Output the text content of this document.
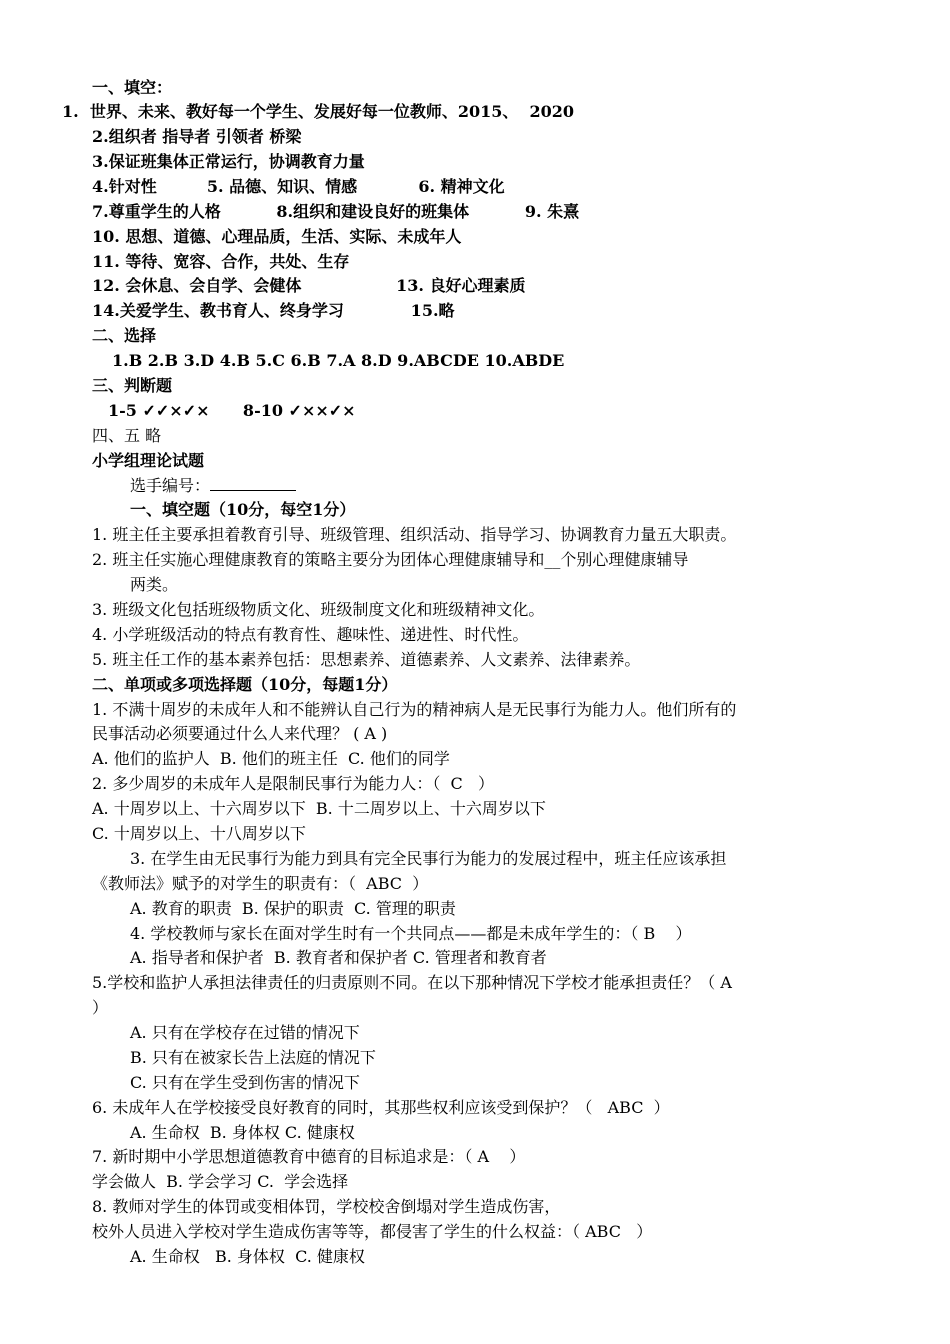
一、填空：
1.  世界、未来、教好每一个学生、发展好每一位教师、2015、  2020
2.组织者 指导者 引领者 桥梁
3.保证班集体正常运行，协调教育力量
4.针对性         5. 品德、知识、情感           6. 精神文化
7.尊重学生的人格          8.组织和建设良好的班集体          9. 朱熹
10. 思想、道德、心理品质，生活、实际、未成年人
11. 等待、宽容、合作，共处、生存
12. 会休息、会自学、会健体                 13. 良好心理素质
14.关爱学生、教书育人、终身学习            15.略
二、选择
1.B 2.B 3.D 4.B 5.C 6.B 7.A 8.D 9.ABCDE 10.ABDE
三、判断题
1-5 ✓✓×✓×      8-10 ✓××✓×
四、五 略
小学组理论试题
选手编号：
一、填空题（10分，每空1分）
1. 班主任主要承担着教育引导、班级管理、组织活动、指导学习、协调教育力量五大职责。
2. 班主任实施心理健康教育的策略主要分为团体心理健康辅导和__个别心理健康辅导
两类。
3. 班级文化包括班级物质文化、班级制度文化和班级精神文化。
4. 小学班级活动的特点有教育性、趣味性、递进性、时代性。
5. 班主任工作的基本素养包括：思想素养、道德素养、人文素养、法律素养。
二、单项或多项选择题（10分，每题1分）
1. 不满十周岁的未成年人和不能辨认自己行为的精神病人是无民事行为能力人。他们所有的
民事活动必须要通过什么人来代理？ ( A )
A. 他们的监护人  B. 他们的班主任  C. 他们的同学
2. 多少周岁的未成年人是限制民事行为能力人：（  C   ）
A. 十周岁以上、十六周岁以下  B. 十二周岁以上、十六周岁以下
C. 十周岁以上、十八周岁以下
3. 在学生由无民事行为能力到具有完全民事行为能力的发展过程中，班主任应该承担
《教师法》赋予的对学生的职责有：（  ABC  ）
A. 教育的职责  B. 保护的职责  C. 管理的职责
4. 学校教师与家长在面对学生时有一个共同点——都是未成年学生的：（ B    ）
A. 指导者和保护者  B. 教育者和保护者 C. 管理者和教育者
5.学校和监护人承担法律责任的归责原则不同。在以下那种情况下学校才能承担责任？（ A
）
A. 只有在学校存在过错的情况下
B. 只有在被家长告上法庭的情况下
C. 只有在学生受到伤害的情况下
6. 未成年人在学校接受良好教育的同时，其那些权利应该受到保护？（   ABC  ）
A. 生命权  B. 身体权 C. 健康权
7. 新时期中小学思想道德教育中德育的目标追求是：（ A    ）
学会做人  B. 学会学习 C.  学会选择
8. 教师对学生的体罚或变相体罚，学校校舍倒塌对学生造成伤害，
校外人员进入学校对学生造成伤害等等，都侵害了学生的什么权益：（ ABC   ）
A. 生命权   B. 身体权  C. 健康权
